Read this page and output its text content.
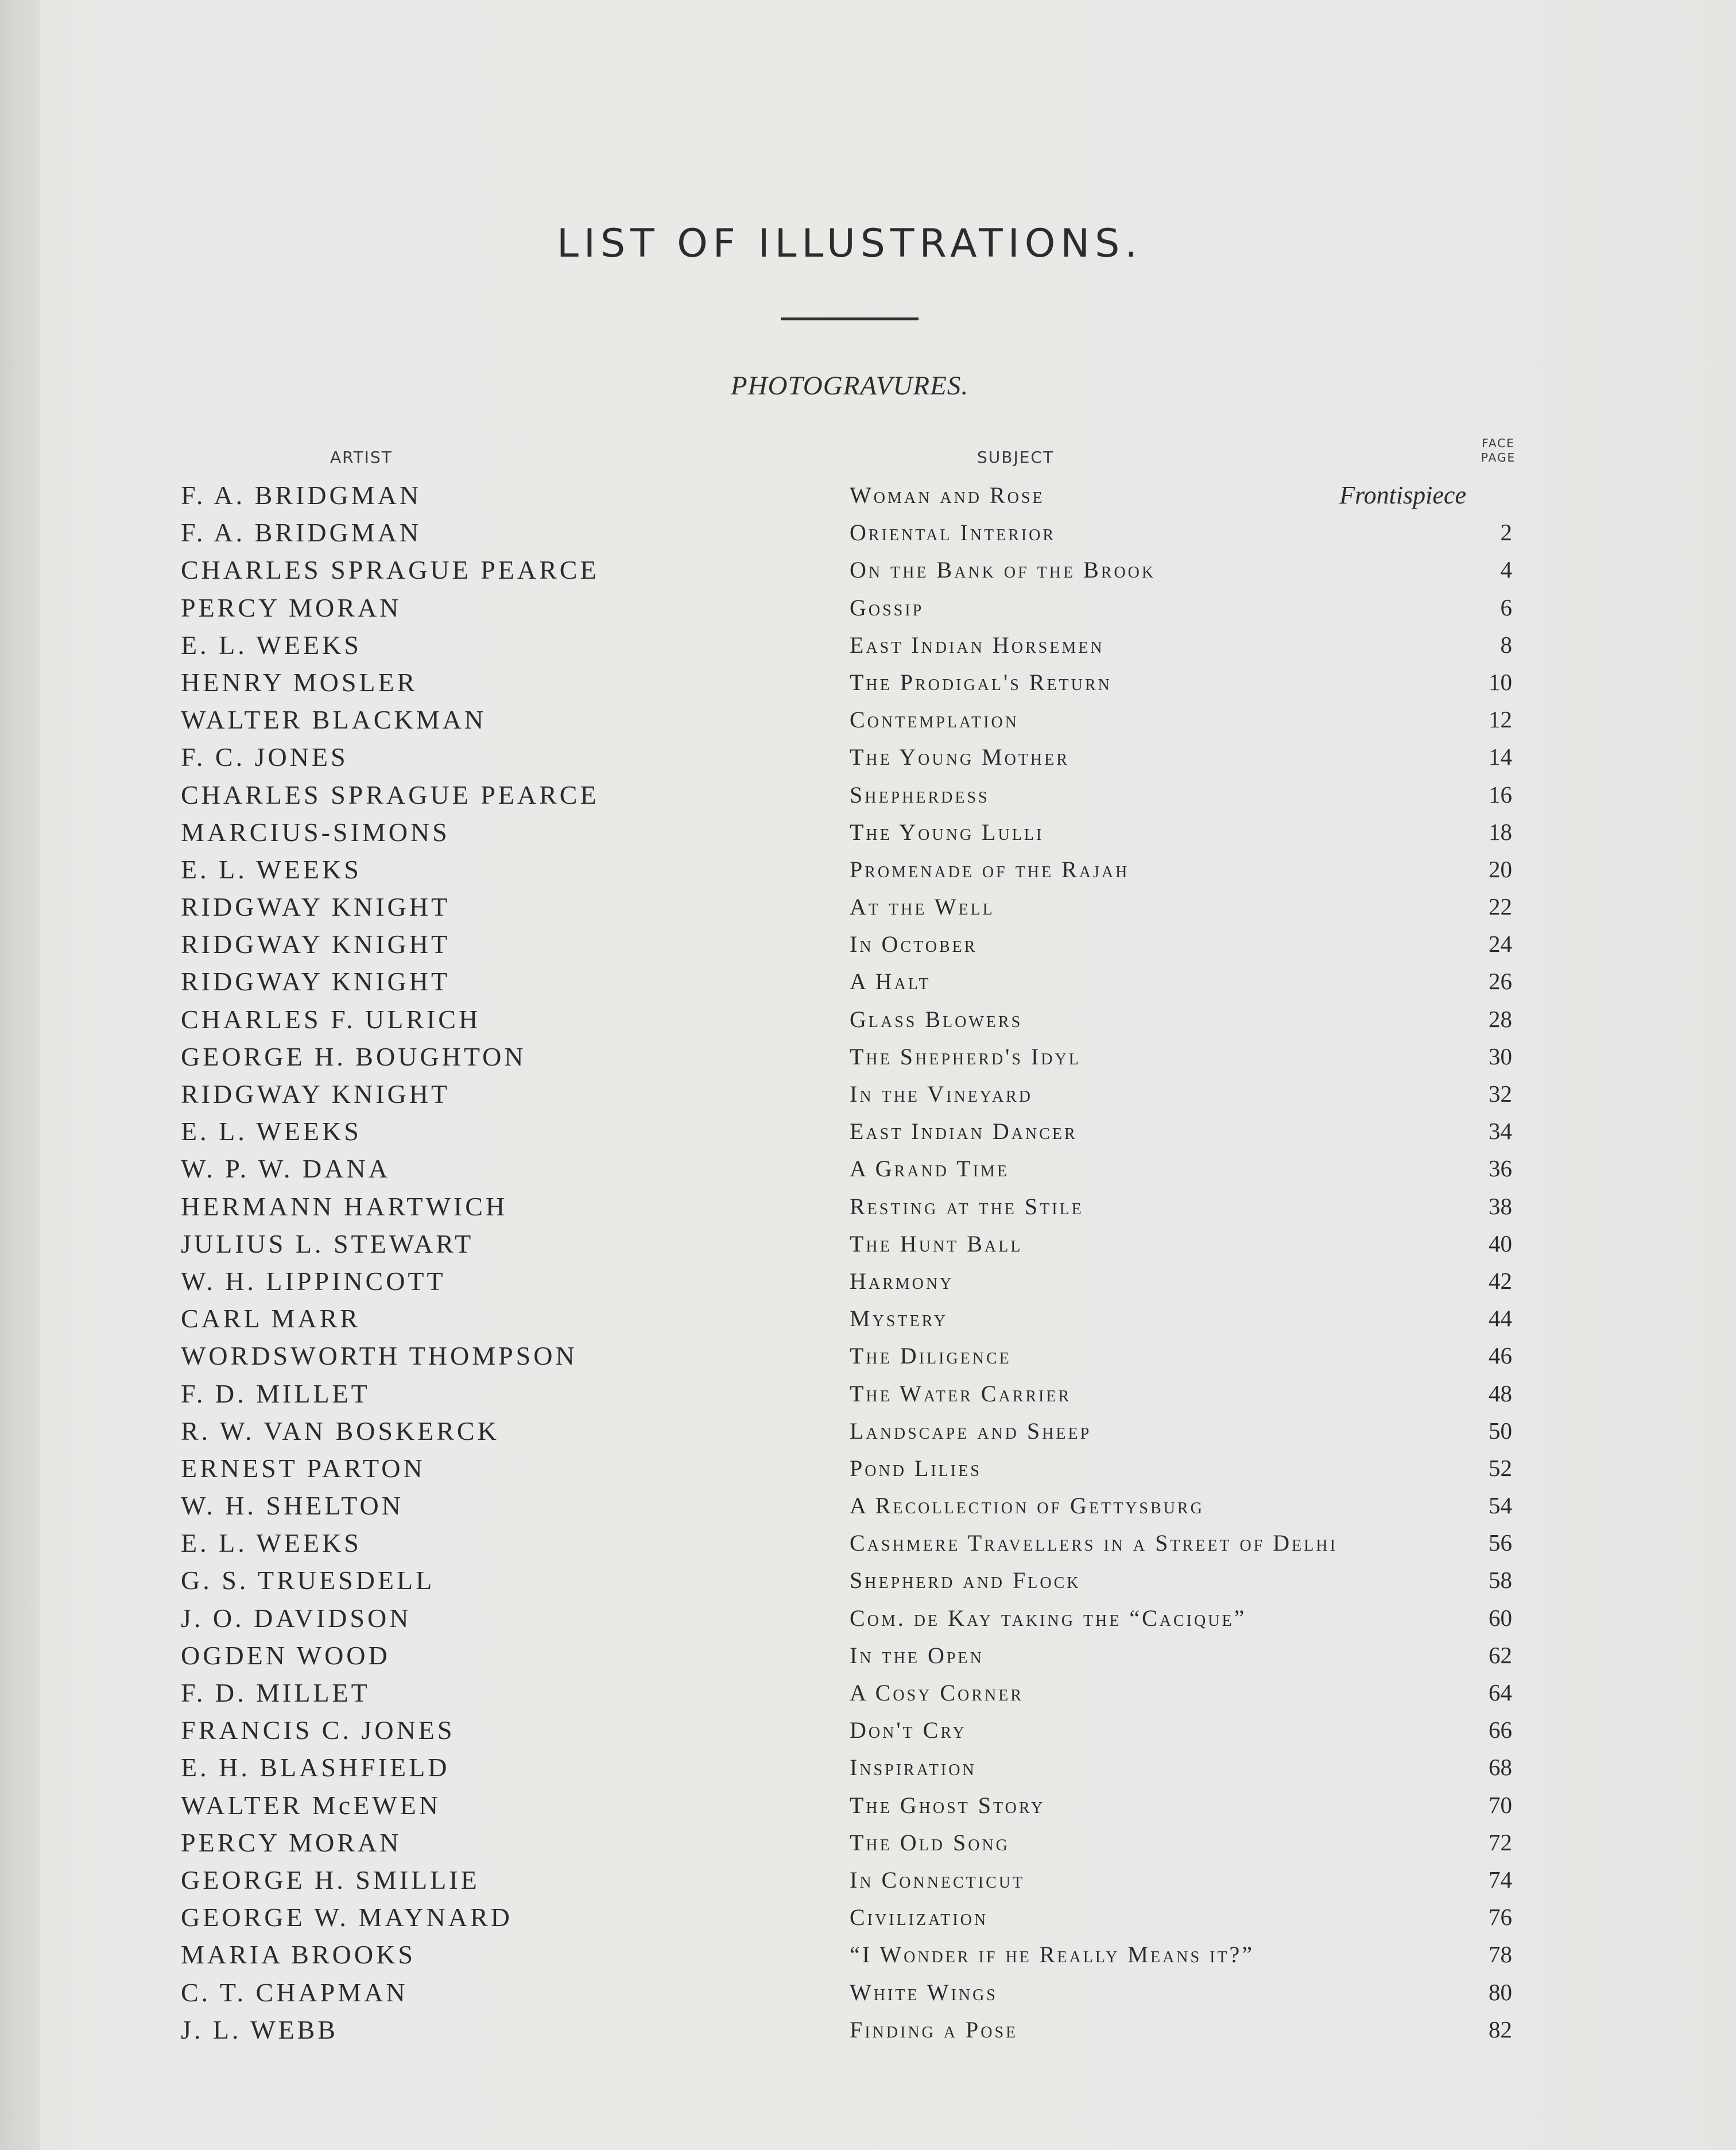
LIST OF ILLUSTRATIONS.
PHOTOGRAVURES.
ARTIST	SUBJECT
FACE
PAGE
F. A. BRIDGMAN	Woman and Rose	Frontispiece
F. A. BRIDGMAN	Oriental Interior	2
CHARLES SPRAGUE PEARCE	On the Bank of the Brook	4
PERCY MORAN	Gossip	6
E. L. WEEKS	East Indian Horsemen	8
HENRY MOSLER	The Prodigal's Return	10
WALTER BLACKMAN	Contemplation	12
F. C. JONES	The Young Mother	14
CHARLES SPRAGUE PEARCE	Shepherdess	16
MARCIUS-SIMONS	The Young Lulli	18
E. L. WEEKS	Promenade of the Rajah	20
RIDGWAY KNIGHT	At the Well	22
RIDGWAY KNIGHT	In October	24
RIDGWAY KNIGHT	A Halt	26
CHARLES F. ULRICH	Glass Blowers	28
GEORGE H. BOUGHTON	The Shepherd's Idyl	30
RIDGWAY KNIGHT	In the Vineyard	32
E. L. WEEKS	East Indian Dancer	34
W. P. W. DANA	A Grand Time	36
HERMANN HARTWICH	Resting at the Stile	38
JULIUS L. STEWART	The Hunt Ball	40
W. H. LIPPINCOTT	Harmony	42
CARL MARR	Mystery	44
WORDSWORTH THOMPSON	The Diligence	46
F. D. MILLET	The Water Carrier	48
R. W. VAN BOSKERCK	Landscape and Sheep	50
ERNEST PARTON	Pond Lilies	52
W. H. SHELTON	A Recollection of Gettysburg	54
E. L. WEEKS	Cashmere Travellers in a Street of Delhi	56
G. S. TRUESDELL	Shepherd and Flock	58
J. O. DAVIDSON	Com. de Kay taking the “Cacique”	60
OGDEN WOOD	In the Open	62
F. D. MILLET	A Cosy Corner	64
FRANCIS C. JONES	Don't Cry	66
E. H. BLASHFIELD	Inspiration	68
WALTER McEWEN	The Ghost Story	70
PERCY MORAN	The Old Song	72
GEORGE H. SMILLIE	In Connecticut	74
GEORGE W. MAYNARD	Civilization	76
MARIA BROOKS	“I Wonder if he Really Means it?”	78
C. T. CHAPMAN	White Wings	80
J. L. WEBB	Finding a Pose	82
